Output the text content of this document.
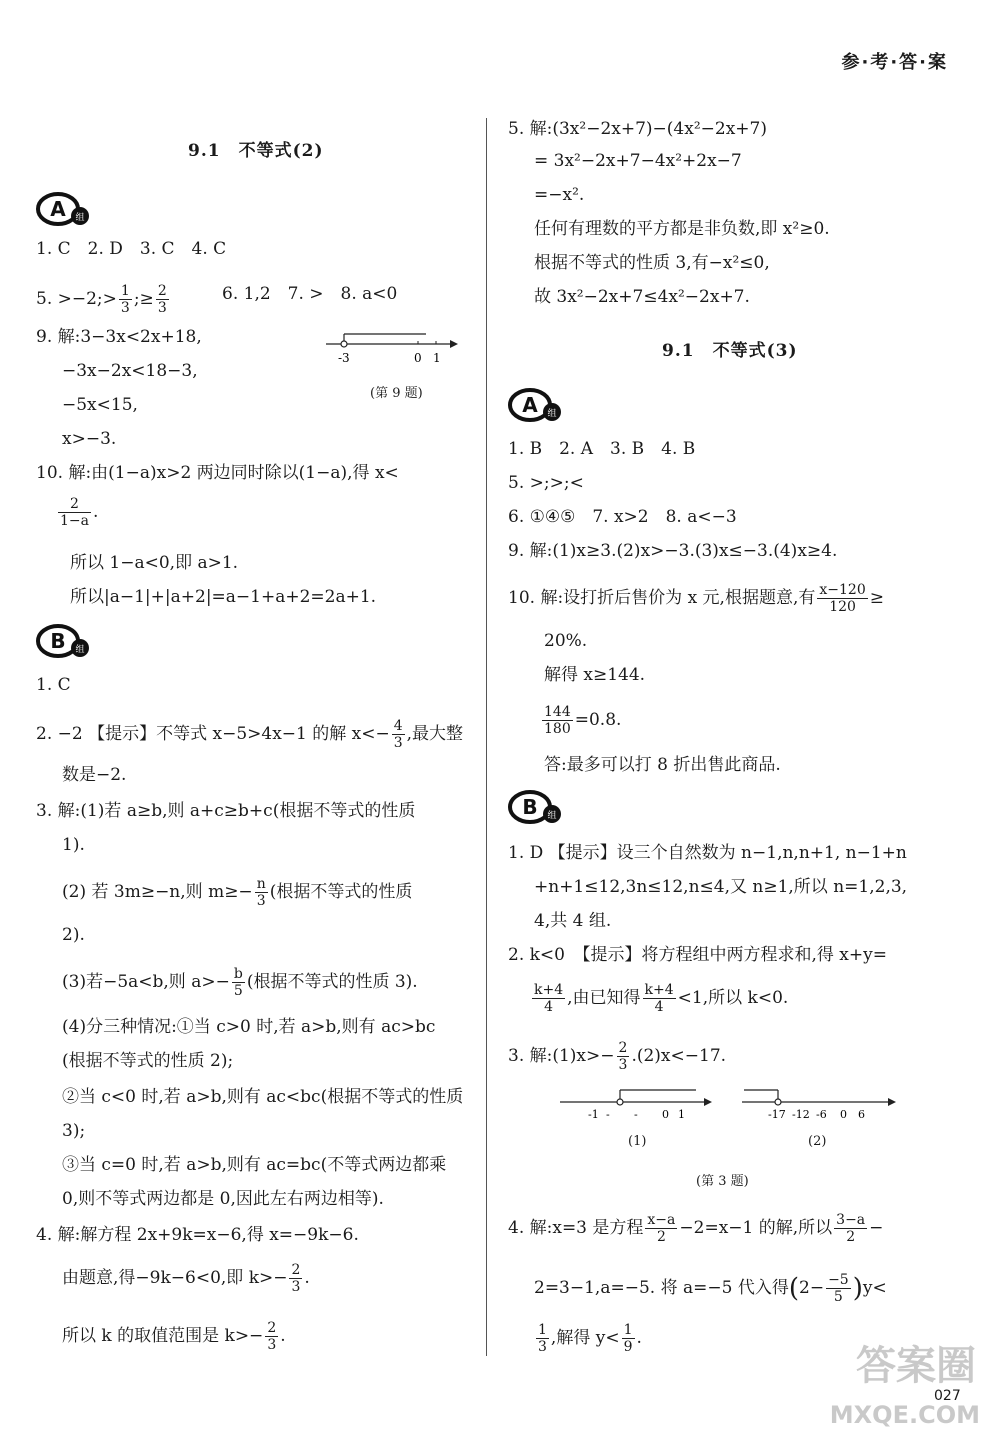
参·考·答·案
9.1　不等式(2)
A 组
1. C　2. D　3. C　4. C
5. >−2;> $\frac{1}{3}$ ;≥ $\frac{2}{3}$	6. 1,2　7. >　8. a<0
9. 解:3−3x<2x+18,
−3x−2x<18−3,
−5x<15,
x>−3.
-3	0 1
(第 9 题)
10. 解:由(1−a)x>2 两边同时除以(1−a),得 x<
$\frac{2}{1-a}$ .
所以 1−a<0,即 a>1.
所以|a−1|+|a+2|=a−1+a+2=2a+1.
B 组
1. C
2. −2 【提示】不等式 x−5>4x−1 的解 $x<- \frac{4}{3}$ ,最大整
数是−2.
3. 解:(1)若 a≥b,则 a+c≥b+c(根据不等式的性质
1).
(2) 若 3m≥−n,则 $m\ge- \frac{n}{3}$ (根据不等式的性质
2).
(3)若−5a<b,则 $a>- \frac{b}{5}$ (根据不等式的性质 3).
(4)分三种情况:①当 c>0 时,若 a>b,则有 ac>bc
(根据不等式的性质 2);
②当 c<0 时,若 a>b,则有 ac<bc(根据不等式的性质
3);
③当 c=0 时,若 a>b,则有 ac=bc(不等式两边都乘
0,则不等式两边都是 0,因此左右两边相等).
4. 解:解方程 2x+9k=x−6,得 x=−9k−6.
由题意,得−9k−6<0,即 $k>- \frac{2}{3}$ .
所以 k 的取值范围是 $k>- \frac{2}{3}$ .
5. 解:(3x²−2x+7)−(4x²−2x+7)
= 3x²−2x+7−4x²+2x−7
=−x².
任何有理数的平方都是非负数,即 x²≥0.
根据不等式的性质 3,有−x²≤0,
故 3x²−2x+7≤4x²−2x+7.
9.1　不等式(3)
A 组
1. B　2. A　3. B　4. B
5. >;>;<
6. ①④⑤　7. x>2　8. a<−3
9. 解:(1)x≥3.(2)x>−3.(3)x≤−3.(4)x≥4.
10. 解:设打折后售价为 x 元,根据题意,有 $\frac{x-120}{120}$ ≥
20%.
解得 x≥144.
$\frac{144}{180} =0.8$.
答:最多可以打 8 折出售此商品.
B 组
1. D 【提示】设三个自然数为 n−1,n,n+1, n−1+n
+n+1≤12,3n≤12,n≤4,又 n≥1,所以 n=1,2,3,
4,共 4 组.
2. k<0　【提示】将方程组中两方程求和,得 x+y=
$\frac{k+4}{4}$ ,由已知得 $\frac{k+4}{4} <1$,所以 k<0.
3. 解:(1)x>− $\frac{2}{3} .(2)x<-17$.
-1 - - 0 1
(1)
-17 -12 -6 0 6
(2)
(第 3 题)
4. 解:x=3 是方程 $\frac{x-a}{2} -2=x-1$ 的解,所以 $\frac{3-a}{2}$ −
2=3−1,a=−5. 将 a=−5 代入得$(2- \frac{-5}{5} )y<$
$\frac{1}{3}$ ,解得 $y< \frac{1}{9}$ .
027
答案圈
MXQE.COM
